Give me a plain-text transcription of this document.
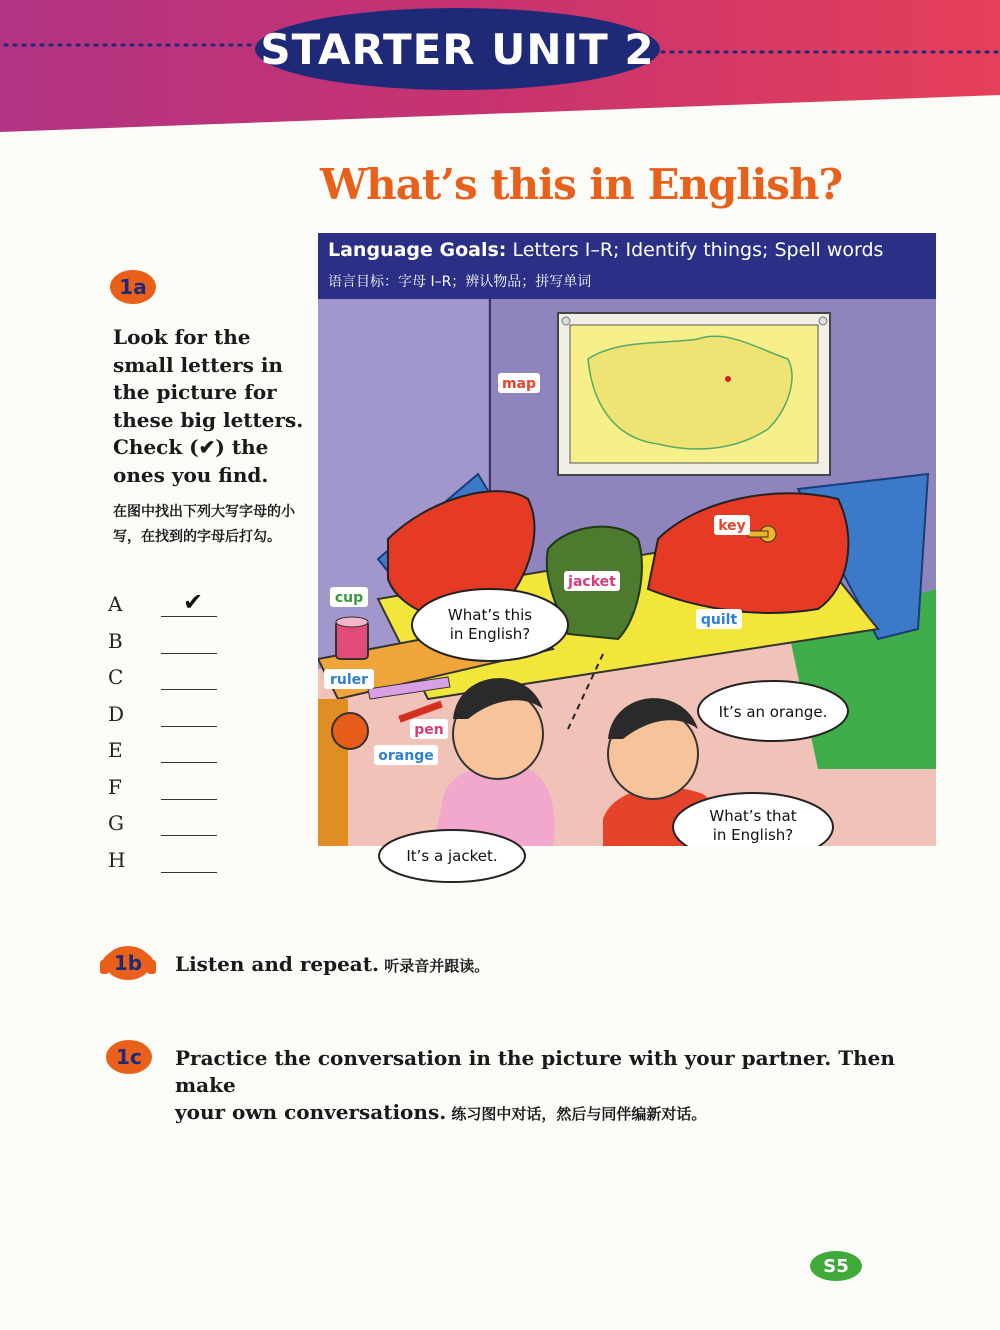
STARTER UNIT 2
What’s this in English?
Language Goals: Letters I–R; Identify things; Spell words
语言目标：字母 I–R；辨认物品；拼写单词
1a
Look for the small letters in the picture for these big letters. Check (✔) the ones you find.
在图中找出下列大写字母的小写，在找到的字母后打勾。
A	✔
B
C
D
E
F
G
H
map
key
jacket
cup
quilt
ruler
pen
orange
What’s this
in English?
It’s an orange.
What’s that
in English?
It’s a jacket.
1b	Listen and repeat. 听录音并跟读。
1c	Practice the conversation in the picture with your partner. Then make
your own conversations. 练习图中对话，然后与同伴编新对话。
S5
